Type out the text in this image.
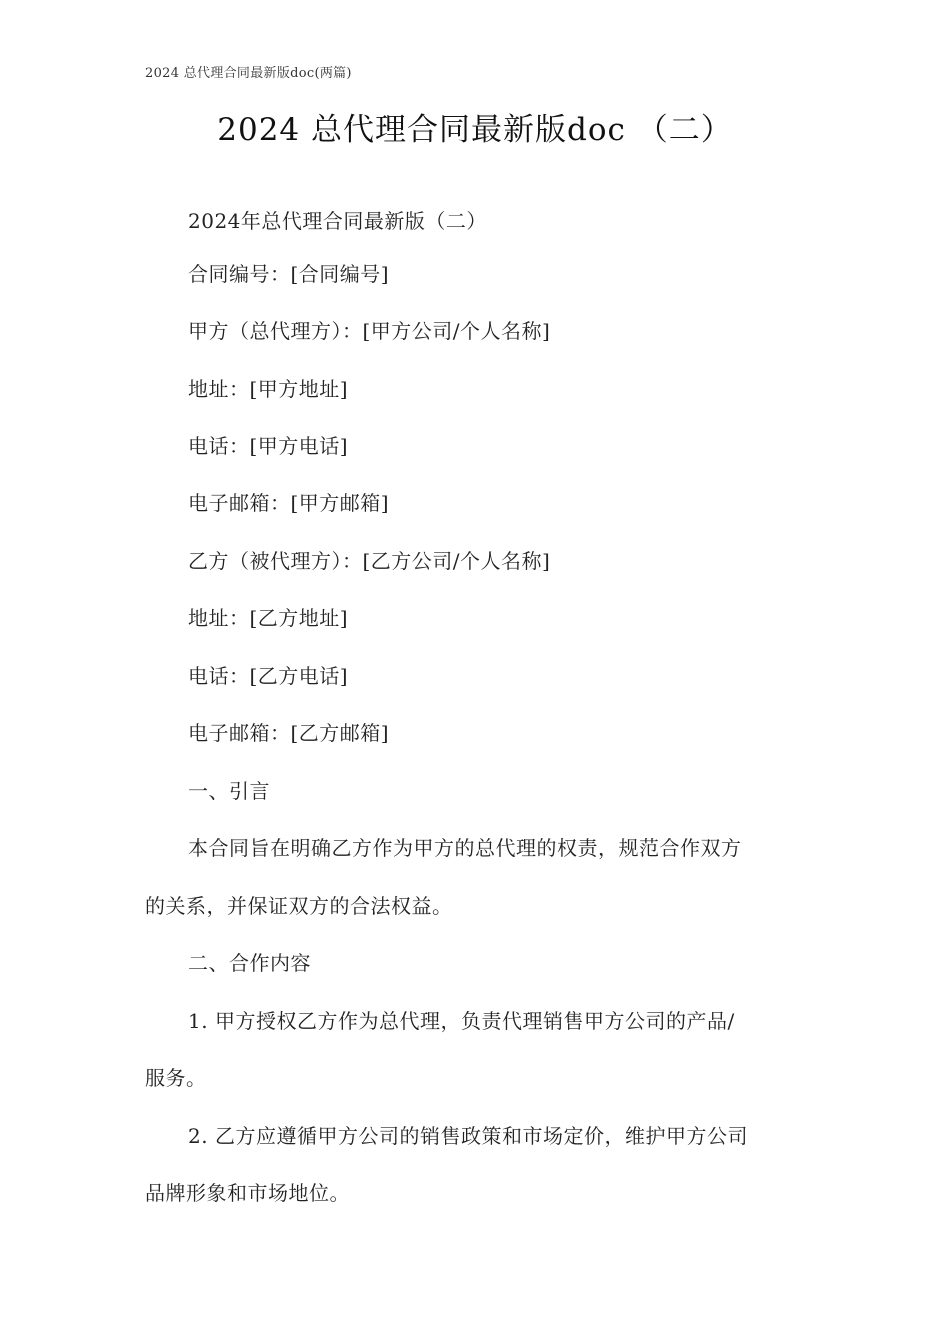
2024 总代理合同最新版doc(两篇)
2024 总代理合同最新版doc （二）
2024年总代理合同最新版（二）
合同编号：[合同编号]
甲方（总代理方）：[甲方公司/个人名称]
地址：[甲方地址]
电话：[甲方电话]
电子邮箱：[甲方邮箱]
乙方（被代理方）：[乙方公司/个人名称]
地址：[乙方地址]
电话：[乙方电话]
电子邮箱：[乙方邮箱]
一、引言
本合同旨在明确乙方作为甲方的总代理的权责，规范合作双方
的关系，并保证双方的合法权益。
二、合作内容
1. 甲方授权乙方作为总代理，负责代理销售甲方公司的产品/
服务。
2. 乙方应遵循甲方公司的销售政策和市场定价，维护甲方公司
品牌形象和市场地位。
